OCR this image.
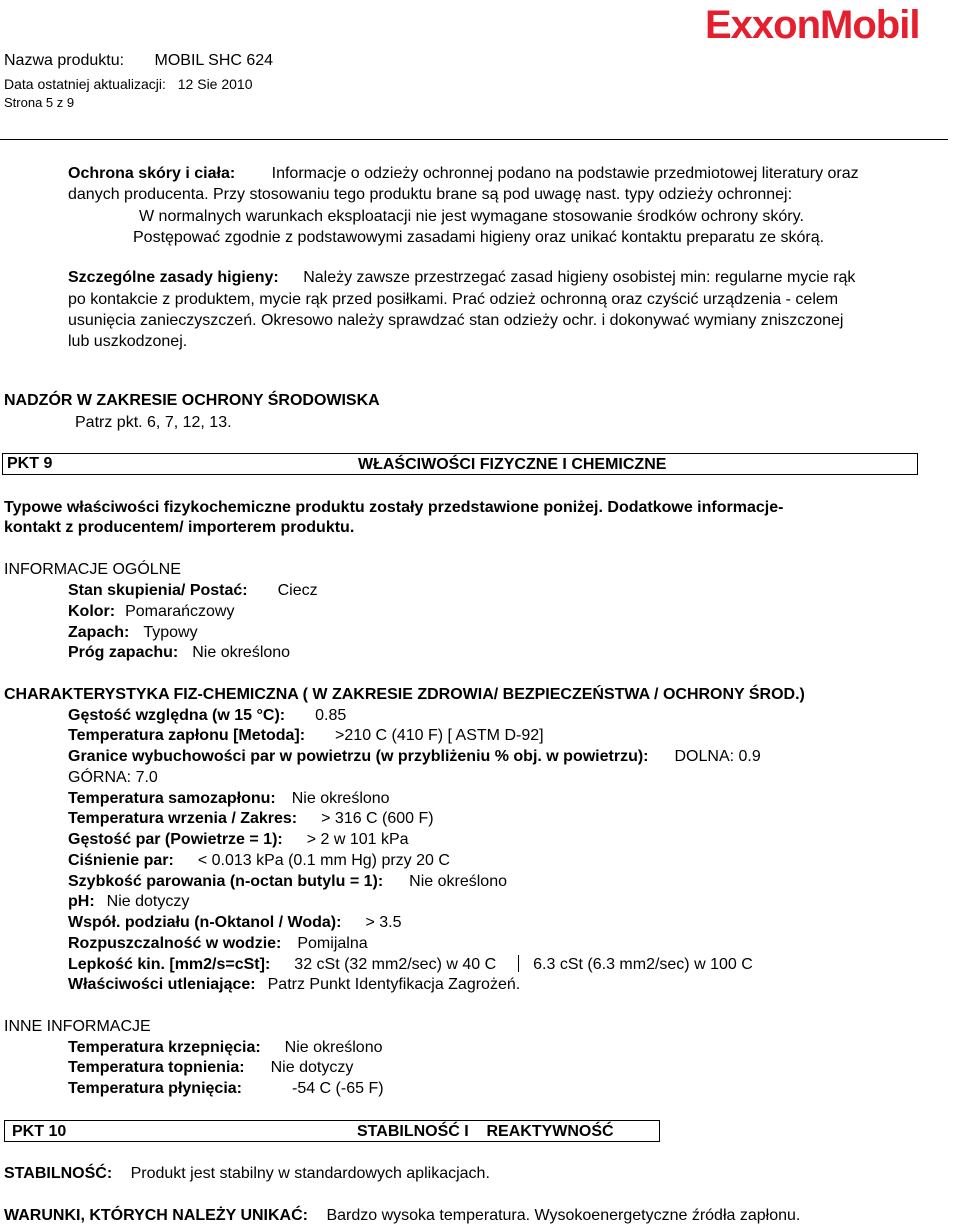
ExxonMobil
Nazwa produktu: MOBIL SHC 624
Data ostatniej aktualizacji: 12 Sie 2010
Strona 5 z 9
Ochrona skóry i ciała: Informacje o odzieży ochronnej podano na podstawie przedmiotowej literatury oraz
danych producenta. Przy stosowaniu tego produktu brane są pod uwagę nast. typy odzieży ochronnej:
W normalnych warunkach eksploatacji nie jest wymagane stosowanie środków ochrony skóry.
Postępować zgodnie z podstawowymi zasadami higieny oraz unikać kontaktu preparatu ze skórą.
Szczególne zasady higieny: Należy zawsze przestrzegać zasad higieny osobistej min: regularne mycie rąk
po kontakcie z produktem, mycie rąk przed posiłkami. Prać odzież ochronną oraz czyścić urządzenia - celem
usunięcia zanieczyszczeń. Okresowo należy sprawdzać stan odzieży ochr. i dokonywać wymiany zniszczonej
lub uszkodzonej.
NADZÓR W ZAKRESIE OCHRONY ŚRODOWISKA
Patrz pkt. 6, 7, 12, 13.
PKT 9	WŁAŚCIWOŚCI FIZYCZNE I CHEMICZNE
Typowe właściwości fizykochemiczne produktu zostały przedstawione poniżej. Dodatkowe informacje-
kontakt z producentem/ importerem produktu.
INFORMACJE OGÓLNE
Stan skupienia/ Postać: Ciecz
Kolor: Pomarańczowy
Zapach: Typowy
Próg zapachu: Nie określono
CHARAKTERYSTYKA FIZ-CHEMICZNA ( W ZAKRESIE ZDROWIA/ BEZPIECZEŃSTWA / OCHRONY ŚROD.)
Gęstość względna (w 15 °C): 0.85
Temperatura zapłonu [Metoda]: >210 C (410 F) [ ASTM D-92]
Granice wybuchowości par w powietrzu (w przybliżeniu % obj. w powietrzu): DOLNA: 0.9
GÓRNA: 7.0
Temperatura samozapłonu: Nie określono
Temperatura wrzenia / Zakres: > 316 C (600 F)
Gęstość par (Powietrze = 1): > 2 w 101 kPa
Ciśnienie par: < 0.013 kPa (0.1 mm Hg) przy 20 C
Szybkość parowania (n-octan butylu = 1): Nie określono
pH: Nie dotyczy
Współ. podziału (n-Oktanol / Woda): > 3.5
Rozpuszczalność w wodzie: Pomijalna
Lepkość kin. [mm2/s=cSt]: 32 cSt (32 mm2/sec) w 40 C 6.3 cSt (6.3 mm2/sec) w 100 C
Właściwości utleniające: Patrz Punkt Identyfikacja Zagrożeń.
INNE INFORMACJE
Temperatura krzepnięcia: Nie określono
Temperatura topnienia: Nie dotyczy
Temperatura płynięcia:	-54 C (-65 F)
PKT 10	STABILNOŚĆ I    REAKTYWNOŚĆ
STABILNOŚĆ: Produkt jest stabilny w standardowych aplikacjach.
WARUNKI, KTÓRYCH NALEŻY UNIKAĆ: Bardzo wysoka temperatura. Wysokoenergetyczne źródła zapłonu.
